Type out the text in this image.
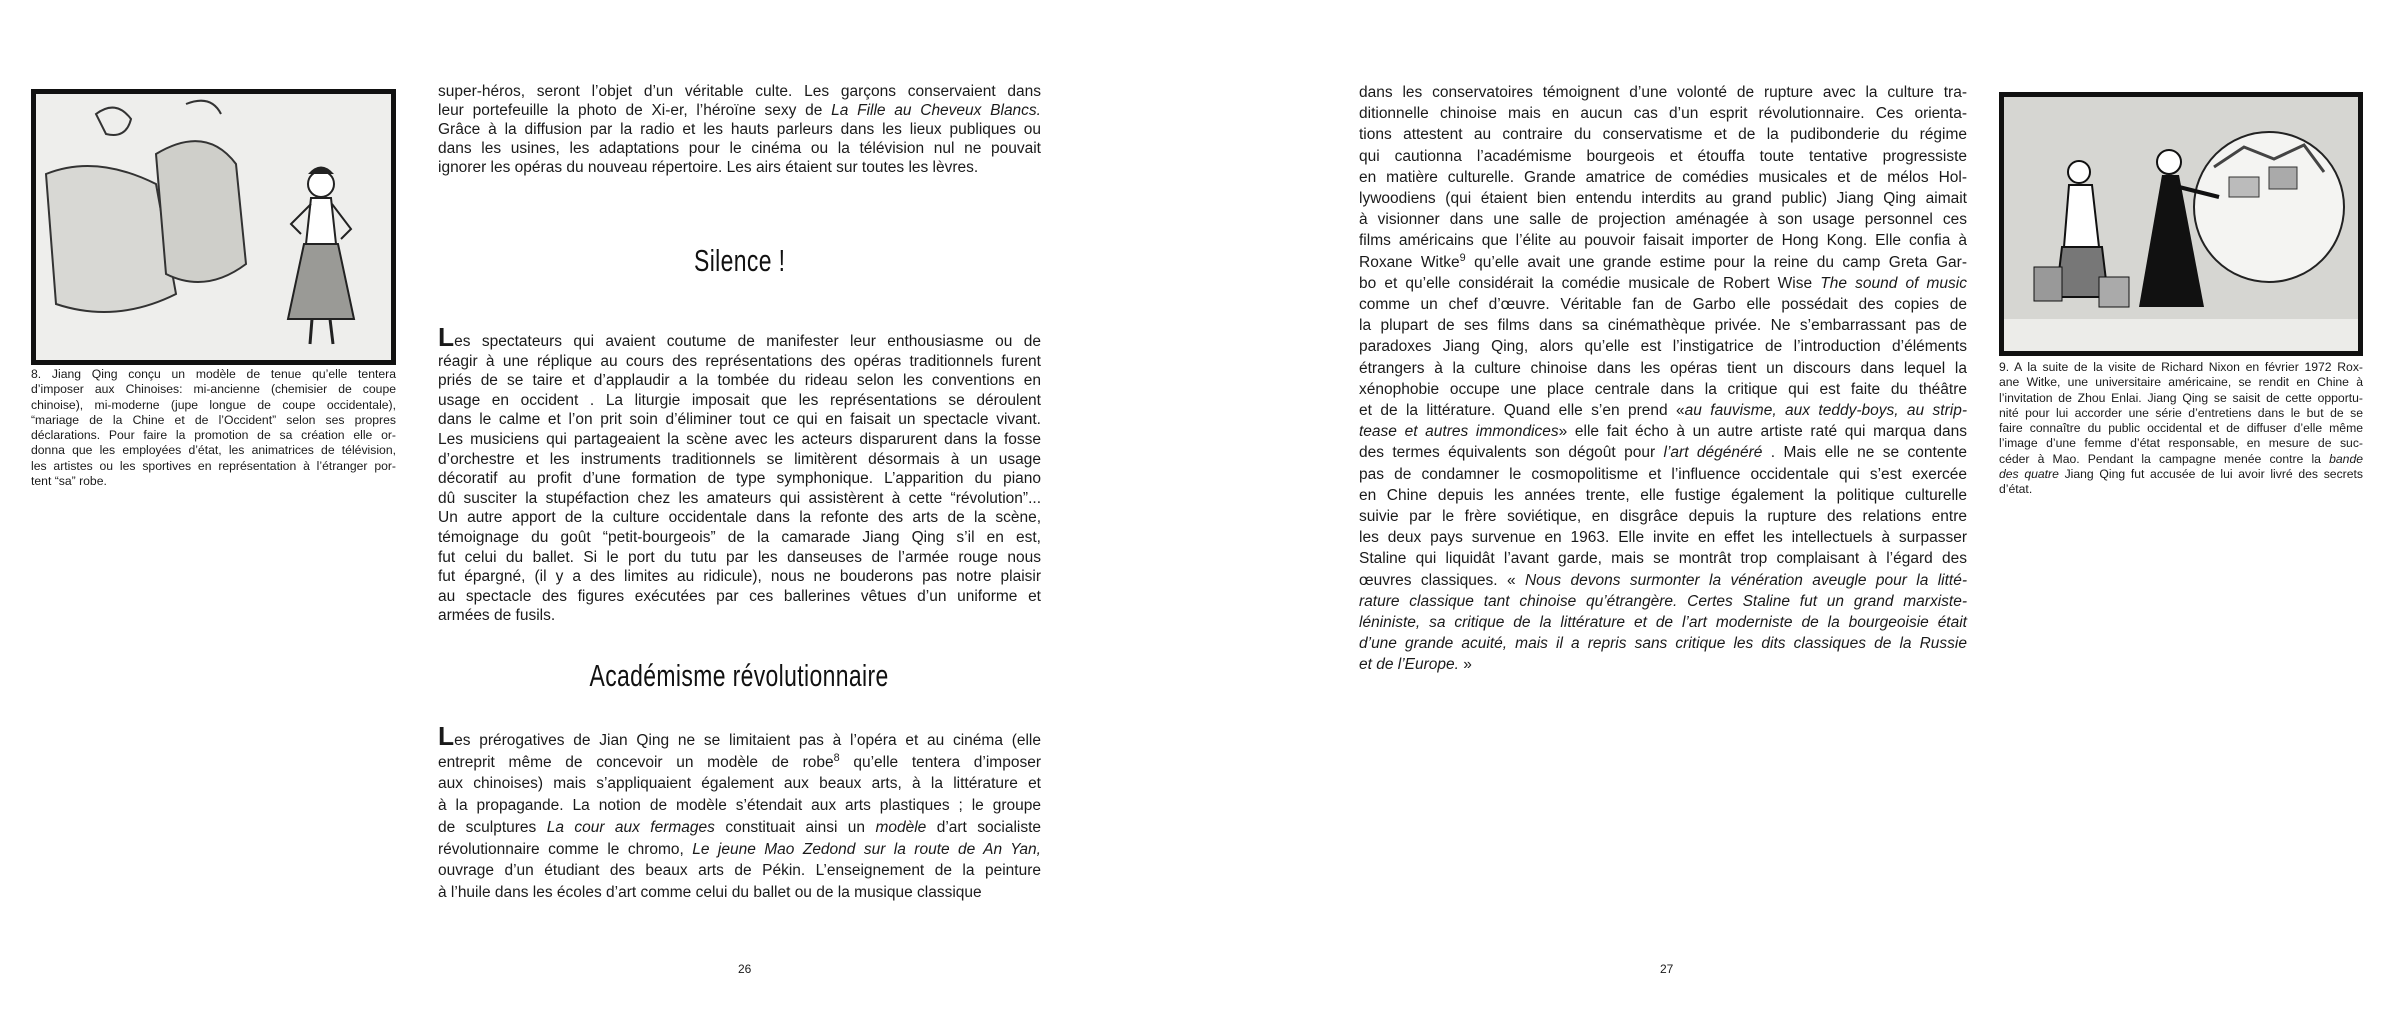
8. Jiang Qing conçu un modèle de tenue qu’elle tentera
d’imposer aux Chinoises: mi-ancienne (chemisier de coupe
chinoise), mi-moderne (jupe longue de coupe occidentale),
“mariage de la Chine et de l’Occident” selon ses propres
déclarations. Pour faire la promotion de sa création elle or-
donna que les employées d’état, les animatrices de télévision,
les artistes ou les sportives en représentation à l’étranger por-
tent “sa” robe.
super-héros, seront l’objet d’un véritable culte. Les garçons conservaient dans
leur portefeuille la photo de Xi-er, l’héroïne sexy de La Fille au Cheveux Blancs.
Grâce à la diffusion par la radio et les hauts parleurs dans les lieux publiques ou
dans les usines, les adaptations pour le cinéma ou la télévision nul ne pouvait
ignorer les opéras du nouveau répertoire. Les airs étaient sur toutes les lèvres.
Silence !
Les spectateurs qui avaient coutume de manifester leur enthousiasme ou de
réagir à une réplique au cours des représentations des opéras traditionnels furent
priés de se taire et d’applaudir a la tombée du rideau selon les conventions en
usage en occident . La liturgie imposait que les représentations se déroulent
dans le calme et l’on prit soin d’éliminer tout ce qui en faisait un spectacle vivant.
Les musiciens qui partageaient la scène avec les acteurs disparurent dans la fosse
d’orchestre et les instruments traditionnels se limitèrent désormais à un usage
décoratif au profit d’une formation de type symphonique. L’apparition du piano
dû susciter la stupéfaction chez les amateurs qui assistèrent à cette “révolution”...
Un autre apport de la culture occidentale dans la refonte des arts de la scène,
témoignage du goût “petit-bourgeois” de la camarade Jiang Qing s’il en est,
fut celui du ballet. Si le port du tutu par les danseuses de l’armée rouge nous
fut épargné, (il y a des limites au ridicule), nous ne bouderons pas notre plaisir
au spectacle des figures exécutées par ces ballerines vêtues d’un uniforme et
armées de fusils.
Académisme révolutionnaire
Les prérogatives de Jian Qing ne se limitaient pas à l’opéra et au cinéma (elle
entreprit même de concevoir un modèle de robe$^8$ qu’elle tentera d’imposer
aux chinoises) mais s’appliquaient également aux beaux arts, à la littérature et
à la propagande. La notion de modèle s’étendait aux arts plastiques ; le groupe
de sculptures La cour aux fermages constituait ainsi un modèle d’art socialiste
révolutionnaire comme le chromo, Le jeune Mao Zedond sur la route de An Yan,
ouvrage d’un étudiant des beaux arts de Pékin. L’enseignement de la peinture
à l’huile dans les écoles d’art comme celui du ballet ou de la musique classique
26
dans les conservatoires témoignent d’une volonté de rupture avec la culture tra-
ditionnelle chinoise mais en aucun cas d’un esprit révolutionnaire. Ces orienta-
tions attestent au contraire du conservatisme et de la pudibonderie du régime
qui cautionna l’académisme bourgeois et étouffa toute tentative progressiste
en matière culturelle. Grande amatrice de comédies musicales et de mélos Hol-
lywoodiens (qui étaient bien entendu interdits au grand public) Jiang Qing aimait
à visionner dans une salle de projection aménagée à son usage personnel ces
films américains que l’élite au pouvoir faisait importer de Hong Kong. Elle confia à
Roxane Witke$^9$ qu’elle avait une grande estime pour la reine du camp Greta Gar-
bo et qu’elle considérait la comédie musicale de Robert Wise The sound of music
comme un chef d’œuvre. Véritable fan de Garbo elle possédait des copies de
la plupart de ses films dans sa cinémathèque privée. Ne s’embarrassant pas de
paradoxes Jiang Qing, alors qu’elle est l’instigatrice de l’introduction d’éléments
étrangers à la culture chinoise dans les opéras tient un discours dans lequel la
xénophobie occupe une place centrale dans la critique qui est faite du théâtre
et de la littérature. Quand elle s’en prend «au fauvisme, aux teddy-boys, au strip-
tease et autres immondices» elle fait écho à un autre artiste raté qui marqua dans
des termes équivalents son dégoût pour l’art dégénéré . Mais elle ne se contente
pas de condamner le cosmopolitisme et l’influence occidentale qui s’est exercée
en Chine depuis les années trente, elle fustige également la politique culturelle
suivie par le frère soviétique, en disgrâce depuis la rupture des relations entre
les deux pays survenue en 1963. Elle invite en effet les intellectuels à surpasser
Staline qui liquidât l’avant garde, mais se montrât trop complaisant à l’égard des
œuvres classiques. « Nous devons surmonter la vénération aveugle pour la litté-
rature classique tant chinoise qu’étrangère. Certes Staline fut un grand marxiste-
léniniste, sa critique de la littérature et de l’art moderniste de la bourgeoisie était
d’une grande acuité, mais il a repris sans critique les dits classiques de la Russie
et de l’Europe. »
9. A la suite de la visite de Richard Nixon en février 1972 Rox-
ane Witke, une universitaire américaine, se rendit en Chine à
l’invitation de Zhou Enlai. Jiang Qing se saisit de cette opportu-
nité pour lui accorder une série d’entretiens dans le but de se
faire connaître du public occidental et de diffuser d’elle même
l’image d’une femme d’état responsable, en mesure de suc-
céder à Mao. Pendant la campagne menée contre la bande
des quatre Jiang Qing fut accusée de lui avoir livré des secrets
d’état.
27
